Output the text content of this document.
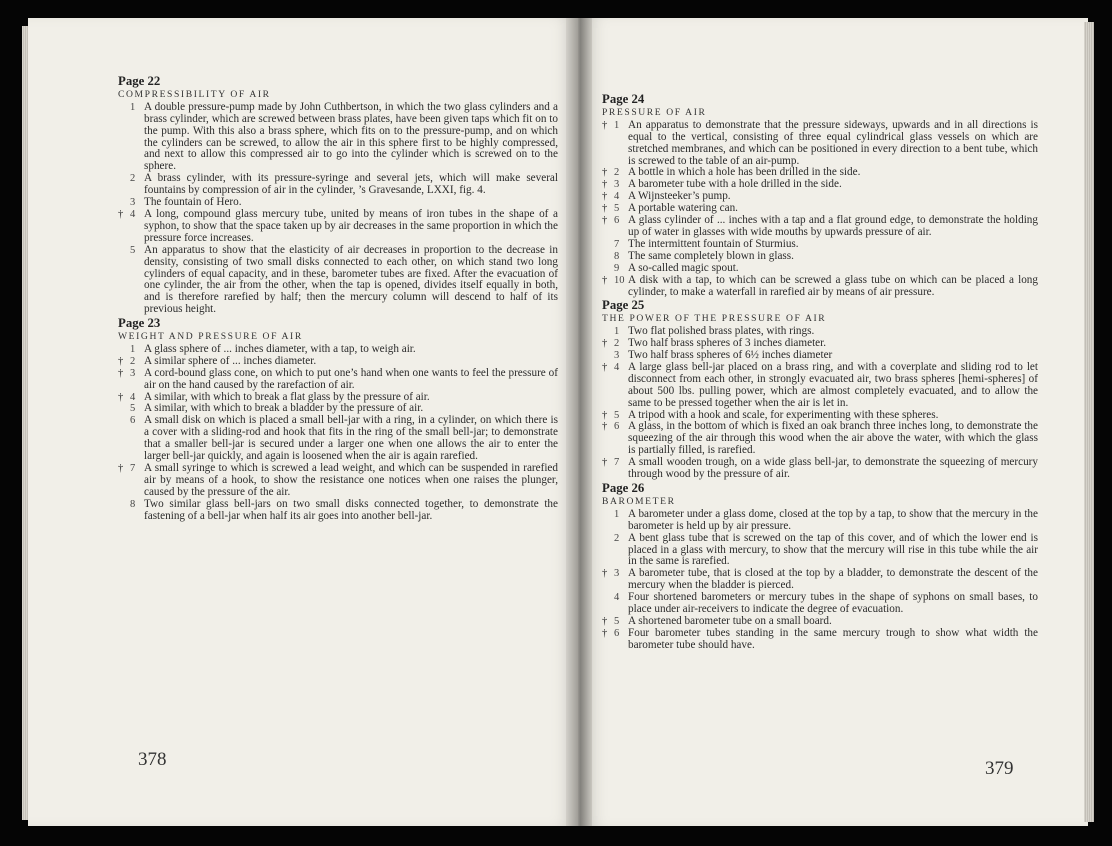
Page 22
COMPRESSIBILITY OF AIR
1 A double pressure-pump made by John Cuthbertson, in which the two glass cylinders and a brass cylinder, which are screwed between brass plates, have been given taps which fit on to the pump. With this also a brass sphere, which fits on to the pressure-pump, and on which the cylinders can be screwed, to allow the air in this sphere first to be highly compressed, and next to allow this compressed air to go into the cylinder which is screwed on to the sphere.
2 A brass cylinder, with its pressure-syringe and several jets, which will make several fountains by compression of air in the cylinder, ’s Gravesande, LXXI, fig. 4.
3 The fountain of Hero.
† 4 A long, compound glass mercury tube, united by means of iron tubes in the shape of a syphon, to show that the space taken up by air decreases in the same proportion in which the pressure force increases.
5 An apparatus to show that the elasticity of air decreases in proportion to the decrease in density, consisting of two small disks connected to each other, on which stand two long cylinders of equal capacity, and in these, barometer tubes are fixed. After the evacuation of one cylinder, the air from the other, when the tap is opened, divides itself equally in both, and is therefore rarefied by half; then the mercury column will descend to half of its previous height.
Page 23
WEIGHT AND PRESSURE OF AIR
1 A glass sphere of ... inches diameter, with a tap, to weigh air.
† 2 A similar sphere of ... inches diameter.
† 3 A cord-bound glass cone, on which to put one’s hand when one wants to feel the pressure of air on the hand caused by the rarefaction of air.
† 4 A similar, with which to break a flat glass by the pressure of air.
5 A similar, with which to break a bladder by the pressure of air.
6 A small disk on which is placed a small bell-jar with a ring, in a cylinder, on which there is a cover with a sliding-rod and hook that fits in the ring of the small bell-jar; to demonstrate that a smaller bell-jar is secured under a larger one when one allows the air to enter the larger bell-jar quickly, and again is loosened when the air is again rarefied.
† 7 A small syringe to which is screwed a lead weight, and which can be suspended in rarefied air by means of a hook, to show the resistance one notices when one raises the plunger, caused by the pressure of the air.
8 Two similar glass bell-jars on two small disks connected together, to demonstrate the fastening of a bell-jar when half its air goes into another bell-jar.
Page 24
PRESSURE OF AIR
† 1 An apparatus to demonstrate that the pressure sideways, upwards and in all directions is equal to the vertical, consisting of three equal cylindrical glass vessels on which are stretched membranes, and which can be positioned in every direction to a bent tube, which is screwed to the table of an air-pump.
† 2 A bottle in which a hole has been drilled in the side.
† 3 A barometer tube with a hole drilled in the side.
† 4 A Wijnsteeker’s pump.
† 5 A portable watering can.
† 6 A glass cylinder of ... inches with a tap and a flat ground edge, to demonstrate the holding up of water in glasses with wide mouths by upwards pressure of air.
7 The intermittent fountain of Sturmius.
8 The same completely blown in glass.
9 A so-called magic spout.
† 10 A disk with a tap, to which can be screwed a glass tube on which can be placed a long cylinder, to make a waterfall in rarefied air by means of air pressure.
Page 25
THE POWER OF THE PRESSURE OF AIR
1 Two flat polished brass plates, with rings.
† 2 Two half brass spheres of 3 inches diameter.
3 Two half brass spheres of 6½ inches diameter
† 4 A large glass bell-jar placed on a brass ring, and with a coverplate and sliding rod to let disconnect from each other, in strongly evacuated air, two brass spheres [hemi-spheres] of about 500 lbs. pulling power, which are almost completely evacuated, and to allow the same to be pressed together when the air is let in.
† 5 A tripod with a hook and scale, for experimenting with these spheres.
† 6 A glass, in the bottom of which is fixed an oak branch three inches long, to demonstrate the squeezing of the air through this wood when the air above the water, with which the glass is partially filled, is rarefied.
† 7 A small wooden trough, on a wide glass bell-jar, to demonstrate the squeezing of mercury through wood by the pressure of air.
Page 26
BAROMETER
1 A barometer under a glass dome, closed at the top by a tap, to show that the mercury in the barometer is held up by air pressure.
2 A bent glass tube that is screwed on the tap of this cover, and of which the lower end is placed in a glass with mercury, to show that the mercury will rise in this tube while the air in the same is rarefied.
† 3 A barometer tube, that is closed at the top by a bladder, to demonstrate the descent of the mercury when the bladder is pierced.
4 Four shortened barometers or mercury tubes in the shape of syphons on small bases, to place under air-receivers to indicate the degree of evacuation.
† 5 A shortened barometer tube on a small board.
† 6 Four barometer tubes standing in the same mercury trough to show what width the barometer tube should have.
378	379
